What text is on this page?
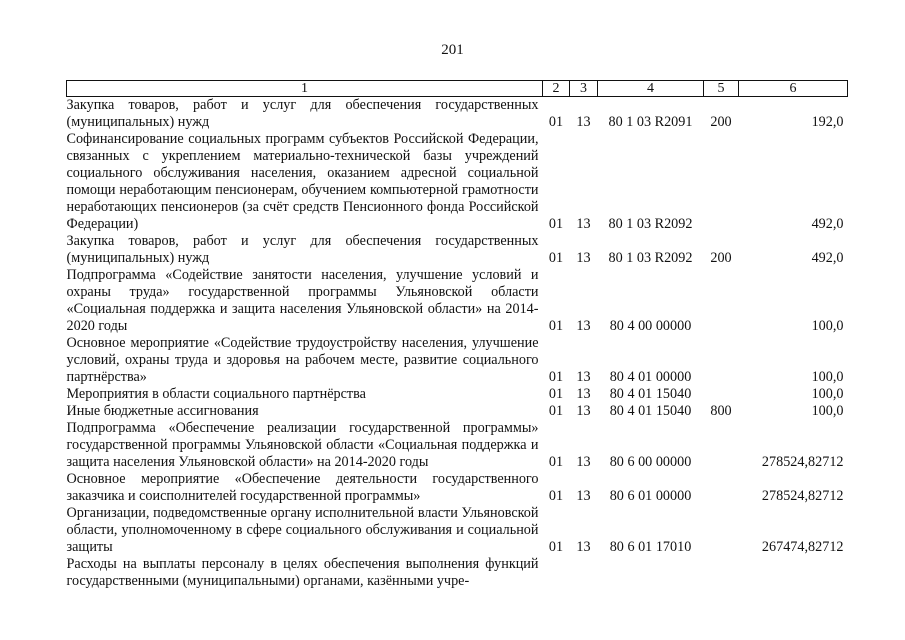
201
1	2	3	4	5	6
Закупка товаров, работ и услуг для обеспечения государственных (муниципальных) нужд	01	13	80 1 03 R2091	200	192,0
Софинансирование социальных программ субъектов Российской Федерации, связанных с укреплением материально-технической базы учреждений социального обслуживания населения, оказанием адресной социальной помощи неработающим пенсионерам, обучением компьютерной грамотности неработающих пенсионеров (за счёт средств Пенсионного фонда Российской Федерации)	01	13	80 1 03 R2092		492,0
Закупка товаров, работ и услуг для обеспечения государственных (муниципальных) нужд	01	13	80 1 03 R2092	200	492,0
Подпрограмма «Содействие занятости населения, улучшение условий и охраны труда» государственной программы Ульяновской области «Социальная поддержка и защита населения Ульяновской области» на 2014-2020 годы	01	13	80 4 00 00000		100,0
Основное мероприятие «Содействие трудоустройству населения, улучшение условий, охраны труда и здоровья на рабочем месте, развитие социального партнёрства»	01	13	80 4 01 00000		100,0
Мероприятия в области социального партнёрства	01	13	80 4 01 15040		100,0
Иные бюджетные ассигнования	01	13	80 4 01 15040	800	100,0
Подпрограмма «Обеспечение реализации государственной программы» государственной программы Ульяновской области «Социальная поддержка и защита населения Ульяновской области» на 2014-2020 годы	01	13	80 6 00 00000		278524,82712
Основное мероприятие «Обеспечение деятельности государственного заказчика и соисполнителей государственной программы»	01	13	80 6 01 00000		278524,82712
Организации, подведомственные органу исполнительной власти Ульяновской области, уполномоченному в сфере социального обслуживания и социальной защиты	01	13	80 6 01 17010		267474,82712
Расходы на выплаты персоналу в целях обеспечения выполнения функций государственными (муниципальными) органами, казёнными учре-					
